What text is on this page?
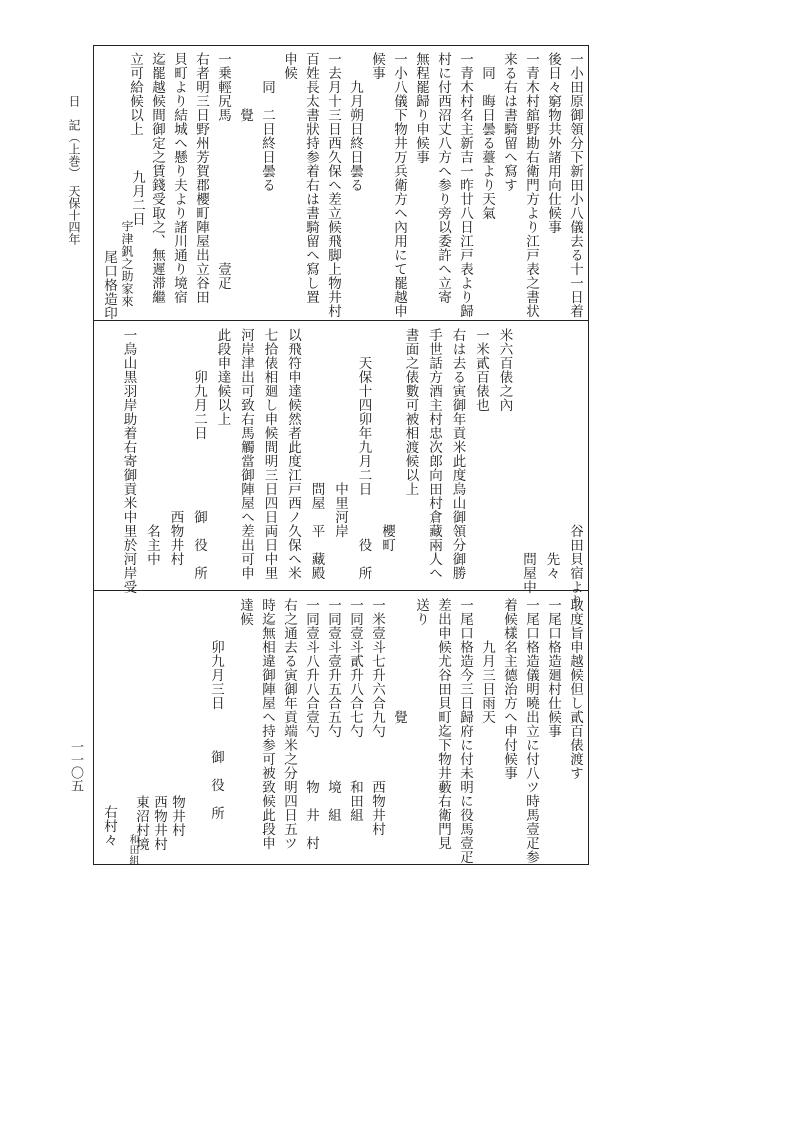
日　記（上巻）　天保十四年
一一〇五
一小田原御領分下新田小八儀去る十一日着
後日々窮物共外諸用向仕候事
一青木村舘野勘右衛門方より江戸表之書状
来る右は書騎留へ寫す
　同　晦日曇る薹より天氣
一青木村名主新吉一昨廿八日江戸表より歸
村に付西沼丈八方へ参り旁以委許へ立寄
無程罷歸り申候事
一小八儀下物井万兵衛方へ內用にて罷越申
候事
　　九月朔日終日曇る
一去月十三日西久保へ差立候飛脚上物井村
百姓長太書狀持参着右は書騎留へ寫し置
申候
　　同　二日終日曇る
　　　　覺
一乗輕尻馬　　　　　　　　　　壹疋
右者明三日野州芳賀郡櫻町陣屋出立谷田
貝町より結城へ懸り夫より諸川通り境宿
迄罷越候間御定之賃錢受取之、無遲滞繼
立可給候以上
九月二日
宇津釩之助家來
尾口格造印
　　　　　　　　　　　　　　谷田貝宿より
　　　　　　　　　　　　　　　　先々
　　　　　　　　　　　　　　　　問屋中
米六百俵之內
一米貳百俵也
右は去る寅御年貢米此度烏山御領分御勝
手世話方酒主村忠次郎向田村倉藏兩人へ
書面之俵數可被相渡候以上
　　　　　　　　　　　　　　櫻町
　　天保十四卯年九月二日　　　役　所
　　　　　　　　　　　中里河岸
　　　　　　　　　　　問屋　平　藏殿
以飛符申達候然者此度江戸西ノ久保へ米
七拾俵相廻し申候間明三日四日両日中里
河岸津出可致右馬觸當御陣屋へ差出可申
此段申達候以上
　　　卯九月二日　　　　　御　役　所
　　　　　　　　　　　　　西物井村
　　　　　　　　　　　　　　名主中
一烏山黒羽岸助着右寄御貢米中里於河岸受
取度旨申越候但し貳百俵渡す
一尾口格造廻村仕候事
一尾口格造儀明曉出立に付八ツ時馬壹疋参
着候樣名主德治方へ申付候事
　　　九月三日雨天
一尾口格造今三日歸府に付未明に役馬壹疋
差出申候尤谷田貝町迄下物井藪右衛門見
送り
　　　　　　　　覺
一米壹斗七升六合九勺　　　西物井村
一同壹斗貳升八合七勺　　　和田組
一同壹斗壹升五合五勺　　　境　組
一同壹斗八升八合壹勺　　　物　井　村
右之通去る寅御年貢端米之分明四日五ツ
時迄無相違御陣屋へ持参可被致候此段申
達候
卯九月三日
御　役　所
物井村
西物井村
東沼村境
和田組
右村々
